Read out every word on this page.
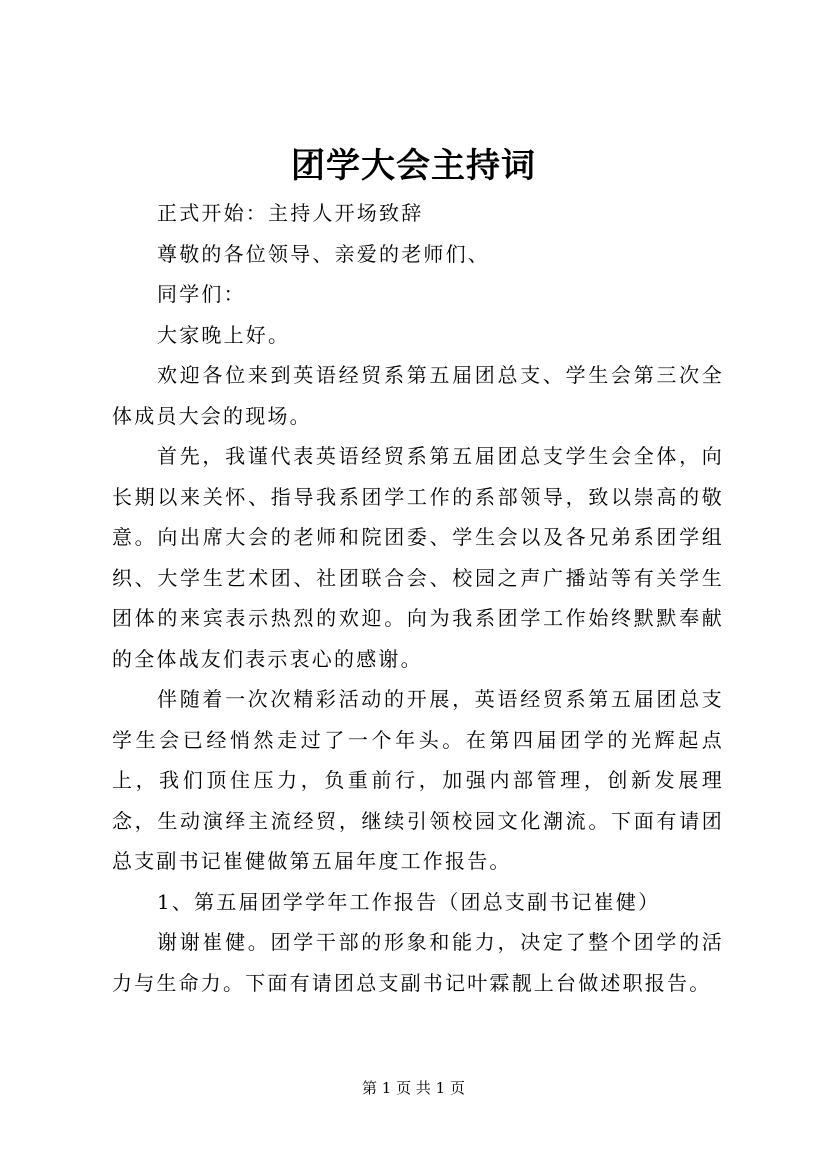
团学大会主持词

正式开始：主持人开场致辞

尊敬的各位领导、亲爱的老师们、

同学们：

大家晚上好。

欢迎各位来到英语经贸系第五届团总支、学生会第三次全体成员大会的现场。

首先，我谨代表英语经贸系第五届团总支学生会全体，向长期以来关怀、指导我系团学工作的系部领导，致以崇高的敬意。向出席大会的老师和院团委、学生会以及各兄弟系团学组织、大学生艺术团、社团联合会、校园之声广播站等有关学生团体的来宾表示热烈的欢迎。向为我系团学工作始终默默奉献的全体战友们表示衷心的感谢。

伴随着一次次精彩活动的开展，英语经贸系第五届团总支学生会已经悄然走过了一个年头。在第四届团学的光辉起点上，我们顶住压力，负重前行，加强内部管理，创新发展理念，生动演绎主流经贸，继续引领校园文化潮流。下面有请团总支副书记崔健做第五届年度工作报告。

1、第五届团学学年工作报告（团总支副书记崔健）

谢谢崔健。团学干部的形象和能力，决定了整个团学的活力与生命力。下面有请团总支副书记叶霖靓上台做述职报告。

第 1 页 共 1 页
